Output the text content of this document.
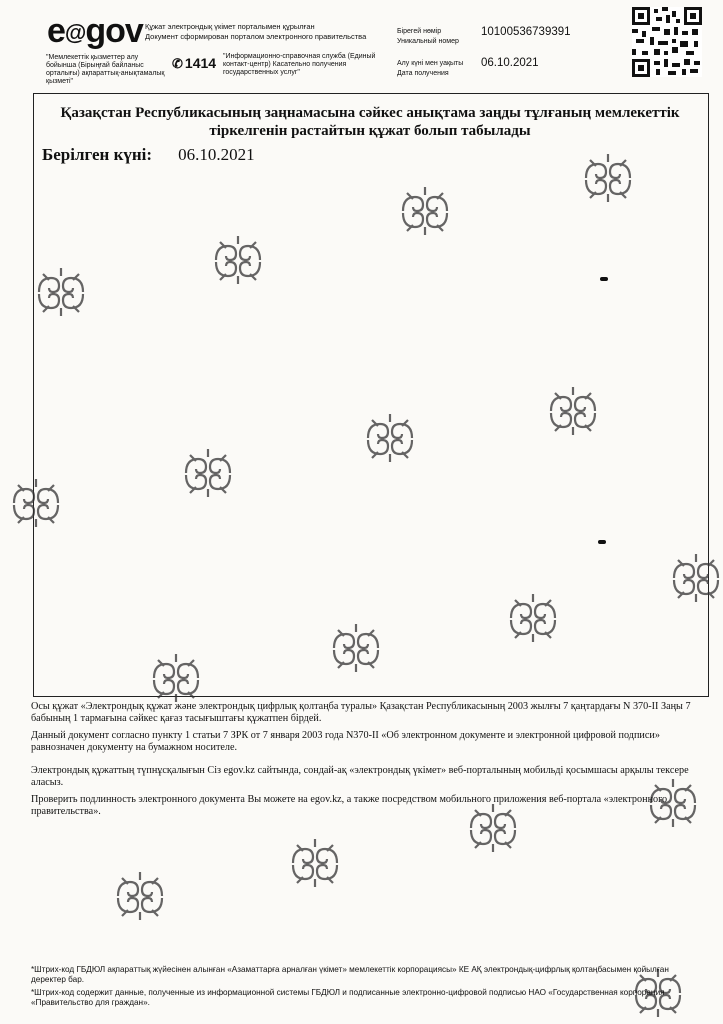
e@gov Құжат электрондық үкімет порталымен құрылған
Документ сформирован порталом электронного правительства
"Мемлекеттік қызметтер алу бойынша (Бірыңғай байланыс орталығы) ақпараттық-анықтамалық қызметі"
✆ 1414 "Информационно-справочная служба (Единый контакт-центр) Касательно получения государственных услуг"
Бірегей нөмір
Уникальный номер
Алу күні мен уақыты
Дата получения
10100536739391
06.10.2021
Қазақстан Республикасының заңнамасына сәйкес анықтама заңды тұлғаның мемлекеттік тіркелгенін растайтын құжат болып табылады
Берілген күні: 06.10.2021
Осы құжат «Электрондық құжат және электрондық цифрлық қолтаңба туралы» Қазақстан Республикасының 2003 жылғы 7 қаңтардағы N 370-II Заңы 7 бабының 1 тармағына сәйкес қағаз тасығыштағы құжатпен бірдей.
Данный документ согласно пункту 1 статьи 7 ЗРК от 7 января 2003 года N370-II «Об электронном документе и электронной цифровой подписи» равнозначен документу на бумажном носителе.
Электрондық құжаттың түпнұсқалығын Сіз egov.kz сайтында, сондай-ақ «электрондық үкімет» веб-порталының мобильді қосымшасы арқылы тексере аласыз.
Проверить подлинность электронного документа Вы можете на egov.kz, а также посредством мобильного приложения веб-портала «электронного правительства».
*Штрих-код ГБДЮЛ ақпараттық жүйесінен алынған «Азаматтарға арналған үкімет» мемлекеттік корпорациясы» КЕ АҚ электрондық-цифрлық қолтаңбасымен қойылған деректер бар.
*Штрих-код содержит данные, полученные из информационной системы ГБДЮЛ и подписанные электронно-цифровой подписью НАО «Государственная корпорация «Правительство для граждан».
